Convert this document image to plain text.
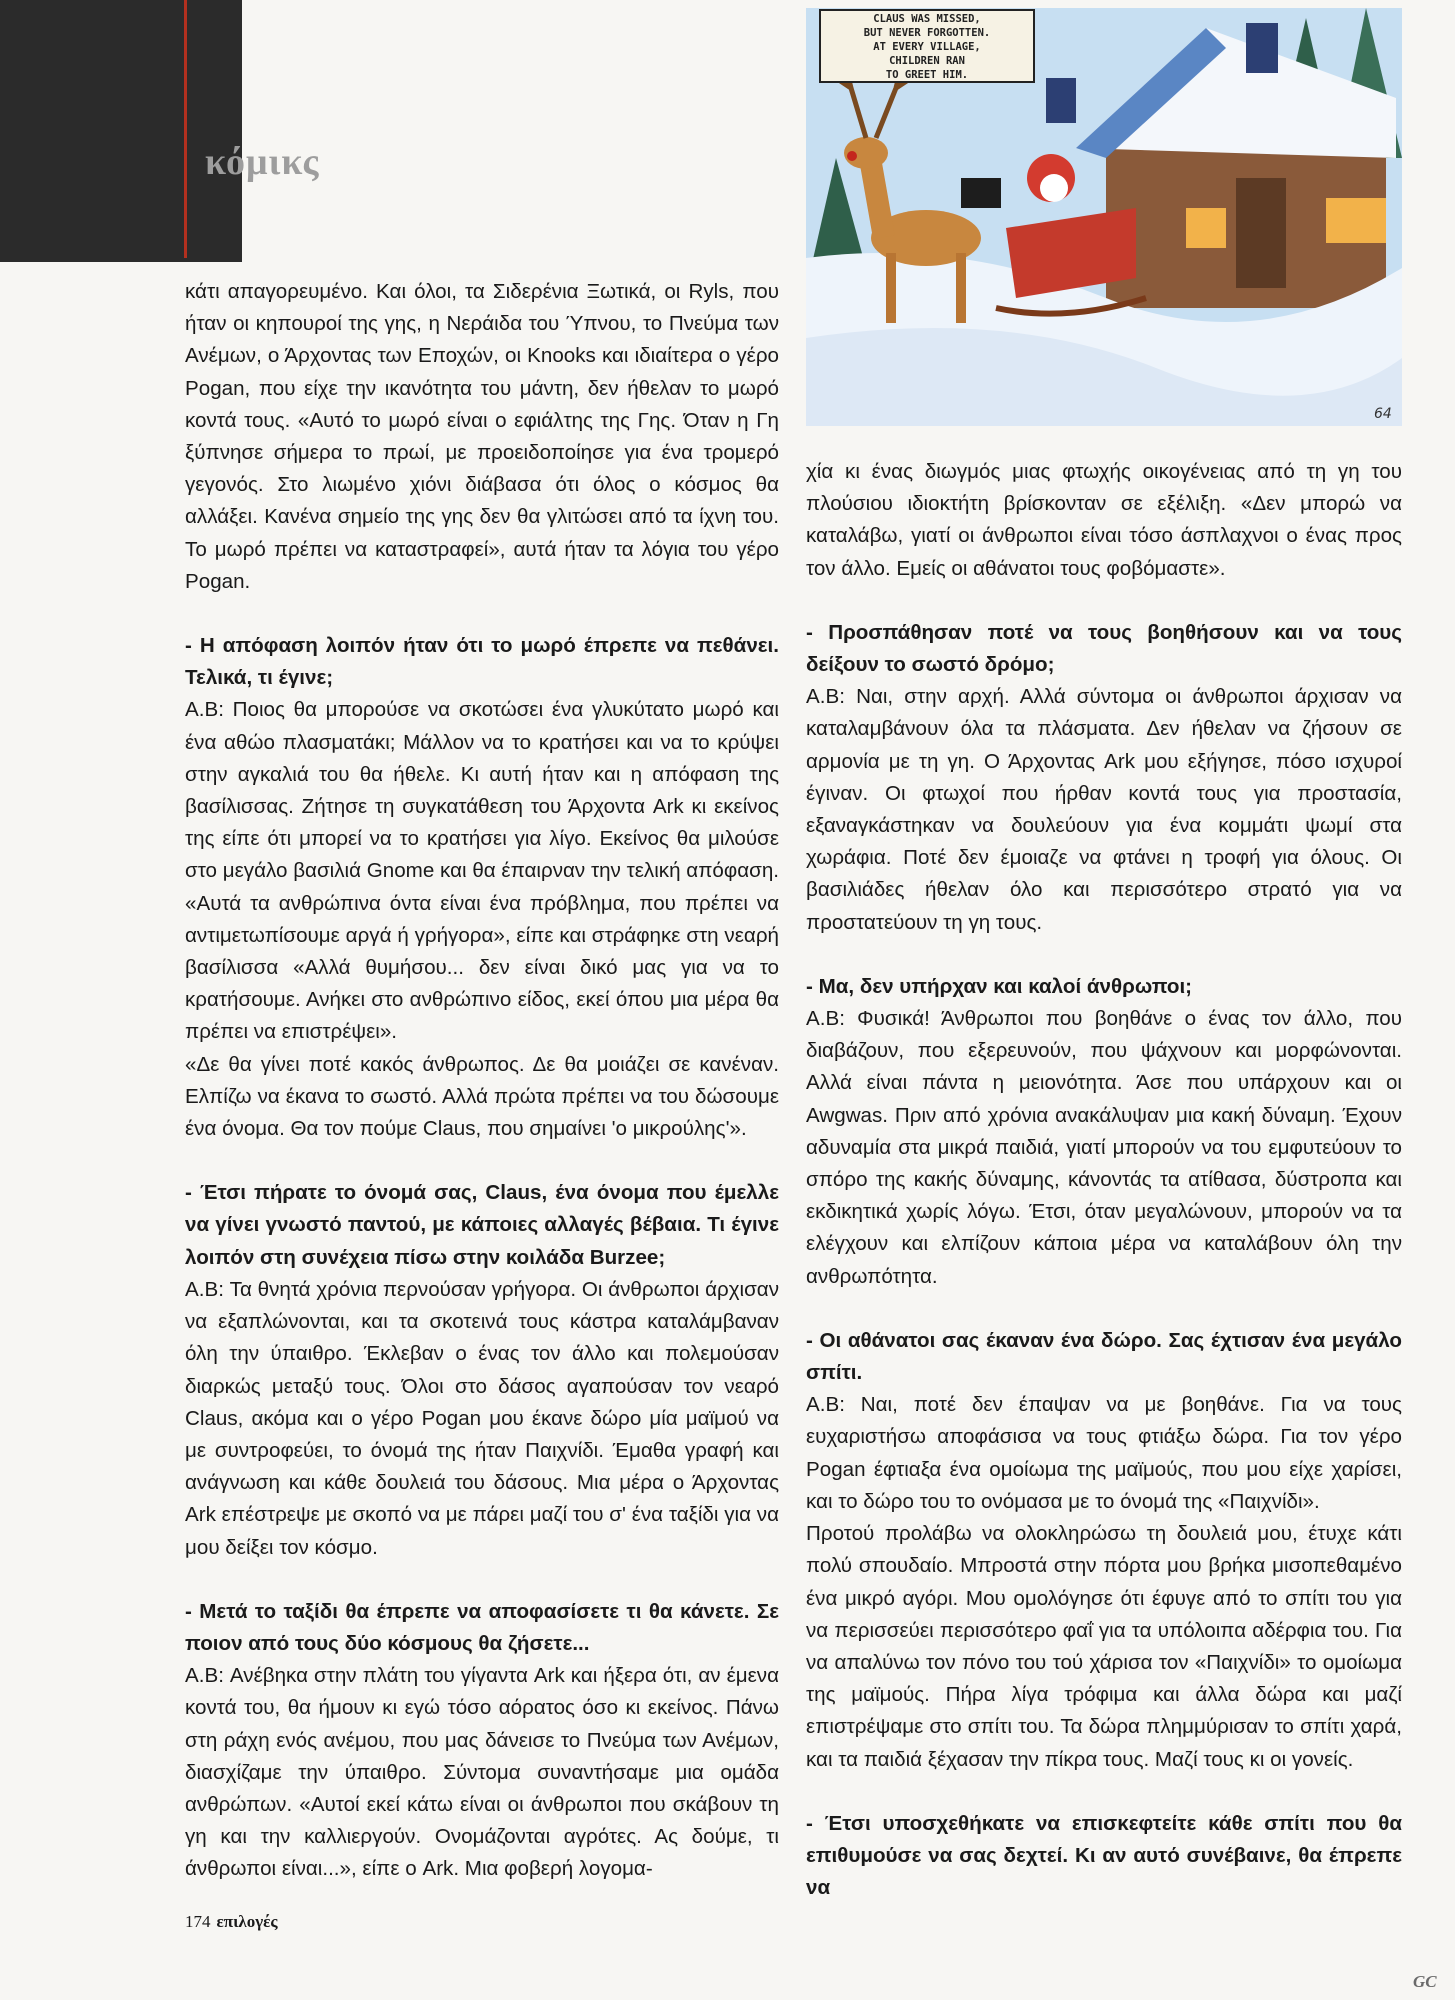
κόμικς
CLAUS WAS MISSED,
BUT NEVER FORGOTTEN.
AT EVERY VILLAGE,
CHILDREN RAN
TO GREET HIM.
64

κάτι απαγορευμένο. Και όλοι, τα Σιδερένια Ξωτικά, οι Ryls, που ήταν οι κηπουροί της γης, η Νεράιδα του Ύπνου, το Πνεύμα των Ανέμων, ο Άρχοντας των Εποχών, οι Knooks και ιδιαίτερα ο γέρο Pogan, που είχε την ικανότητα του μάντη, δεν ήθελαν το μωρό κοντά τους. «Αυτό το μωρό είναι ο εφιάλτης της Γης. Όταν η Γη ξύπνησε σήμερα το πρωί, με προειδοποίησε για ένα τρομερό γεγονός. Στο λιωμένο χιόνι διάβασα ότι όλος ο κόσμος θα αλλάξει. Κανένα σημείο της γης δεν θα γλιτώσει από τα ίχνη του. Το μωρό πρέπει να καταστραφεί», αυτά ήταν τα λόγια του γέρο Pogan.

- Η απόφαση λοιπόν ήταν ότι το μωρό έπρεπε να πεθάνει. Τελικά, τι έγινε;

A.B: Ποιος θα μπορούσε να σκοτώσει ένα γλυκύτατο μωρό και ένα αθώο πλασματάκι; Μάλλον να το κρατήσει και να το κρύψει στην αγκαλιά του θα ήθελε. Κι αυτή ήταν και η απόφαση της βασίλισσας. Ζήτησε τη συγκατάθεση του Άρχοντα Ark κι εκείνος της είπε ότι μπορεί να το κρατήσει για λίγο. Εκείνος θα μιλούσε στο μεγάλο βασιλιά Gnome και θα έπαιρναν την τελική απόφαση. «Αυτά τα ανθρώπινα όντα είναι ένα πρόβλημα, που πρέπει να αντιμετωπίσουμε αργά ή γρήγορα», είπε και στράφηκε στη νεαρή βασίλισσα «Αλλά θυμήσου... δεν είναι δικό μας για να το κρατήσουμε. Ανήκει στο ανθρώπινο είδος, εκεί όπου μια μέρα θα πρέπει να επιστρέψει».

«Δε θα γίνει ποτέ κακός άνθρωπος. Δε θα μοιάζει σε κανέναν. Ελπίζω να έκανα το σωστό. Αλλά πρώτα πρέπει να του δώσουμε ένα όνομα. Θα τον πούμε Claus, που σημαίνει 'ο μικρούλης'».

- Έτσι πήρατε το όνομά σας, Claus, ένα όνομα που έμελλε να γίνει γνωστό παντού, με κάποιες αλλαγές βέβαια. Τι έγινε λοιπόν στη συνέχεια πίσω στην κοιλάδα Burzee;

A.B: Τα θνητά χρόνια περνούσαν γρήγορα. Οι άνθρωποι άρχισαν να εξαπλώνονται, και τα σκοτεινά τους κάστρα καταλάμβαναν όλη την ύπαιθρο. Έκλεβαν ο ένας τον άλλο και πολεμούσαν διαρκώς μεταξύ τους. Όλοι στο δάσος αγαπούσαν τον νεαρό Claus, ακόμα και ο γέρο Pogan μου έκανε δώρο μία μαϊμού να με συντροφεύει, το όνομά της ήταν Παιχνίδι. Έμαθα γραφή και ανάγνωση και κάθε δουλειά του δάσους. Μια μέρα ο Άρχοντας Ark επέστρεψε με σκοπό να με πάρει μαζί του σ' ένα ταξίδι για να μου δείξει τον κόσμο.

- Μετά το ταξίδι θα έπρεπε να αποφασίσετε τι θα κάνετε. Σε ποιον από τους δύο κόσμους θα ζήσετε...

A.B: Ανέβηκα στην πλάτη του γίγαντα Ark και ήξερα ότι, αν έμενα κοντά του, θα ήμουν κι εγώ τόσο αόρατος όσο κι εκείνος. Πάνω στη ράχη ενός ανέμου, που μας δάνεισε το Πνεύμα των Ανέμων, διασχίζαμε την ύπαιθρο. Σύντομα συναντήσαμε μια ομάδα ανθρώπων. «Αυτοί εκεί κάτω είναι οι άνθρωποι που σκάβουν τη γη και την καλλιεργούν. Ονομάζονται αγρότες. Ας δούμε, τι άνθρωποι είναι...», είπε ο Ark. Μια φοβερή λογομα-

χία κι ένας διωγμός μιας φτωχής οικογένειας από τη γη του πλούσιου ιδιοκτήτη βρίσκονταν σε εξέλιξη. «Δεν μπορώ να καταλάβω, γιατί οι άνθρωποι είναι τόσο άσπλαχνοι ο ένας προς τον άλλο. Εμείς οι αθάνατοι τους φοβόμαστε».

- Προσπάθησαν ποτέ να τους βοηθήσουν και να τους δείξουν το σωστό δρόμο;

A.B: Ναι, στην αρχή. Αλλά σύντομα οι άνθρωποι άρχισαν να καταλαμβάνουν όλα τα πλάσματα. Δεν ήθελαν να ζήσουν σε αρμονία με τη γη. Ο Άρχοντας Ark μου εξήγησε, πόσο ισχυροί έγιναν. Οι φτωχοί που ήρθαν κοντά τους για προστασία, εξαναγκάστηκαν να δουλεύουν για ένα κομμάτι ψωμί στα χωράφια. Ποτέ δεν έμοιαζε να φτάνει η τροφή για όλους. Οι βασιλιάδες ήθελαν όλο και περισσότερο στρατό για να προστατεύουν τη γη τους.

- Μα, δεν υπήρχαν και καλοί άνθρωποι;

A.B: Φυσικά! Άνθρωποι που βοηθάνε ο ένας τον άλλο, που διαβάζουν, που εξερευνούν, που ψάχνουν και μορφώνονται. Αλλά είναι πάντα η μειονότητα. Άσε που υπάρχουν και οι Awgwas. Πριν από χρόνια ανακάλυψαν μια κακή δύναμη. Έχουν αδυναμία στα μικρά παιδιά, γιατί μπορούν να του εμφυτεύουν το σπόρο της κακής δύναμης, κάνοντάς τα ατίθασα, δύστροπα και εκδικητικά χωρίς λόγω. Έτσι, όταν μεγαλώνουν, μπορούν να τα ελέγχουν και ελπίζουν κάποια μέρα να καταλάβουν όλη την ανθρωπότητα.

- Οι αθάνατοι σας έκαναν ένα δώρο. Σας έχτισαν ένα μεγάλο σπίτι.

A.B: Ναι, ποτέ δεν έπαψαν να με βοηθάνε. Για να τους ευχαριστήσω αποφάσισα να τους φτιάξω δώρα. Για τον γέρο Pogan έφτιαξα ένα ομοίωμα της μαϊμούς, που μου είχε χαρίσει, και το δώρο του το ονόμασα με το όνομά της «Παιχνίδι».

Προτού προλάβω να ολοκληρώσω τη δουλειά μου, έτυχε κάτι πολύ σπουδαίο. Μπροστά στην πόρτα μου βρήκα μισοπεθαμένο ένα μικρό αγόρι. Μου ομολόγησε ότι έφυγε από το σπίτι του για να περισσεύει περισσότερο φαΐ για τα υπόλοιπα αδέρφια του. Για να απαλύνω τον πόνο του τού χάρισα τον «Παιχνίδι» το ομοίωμα της μαϊμούς. Πήρα λίγα τρόφιμα και άλλα δώρα και μαζί επιστρέψαμε στο σπίτι του. Τα δώρα πλημμύρισαν το σπίτι χαρά, και τα παιδιά ξέχασαν την πίκρα τους. Μαζί τους κι οι γονείς.

- Έτσι υποσχεθήκατε να επισκεφτείτε κάθε σπίτι που θα επιθυμούσε να σας δεχτεί. Κι αν αυτό συνέβαινε, θα έπρεπε να

174 επιλογές
GC
